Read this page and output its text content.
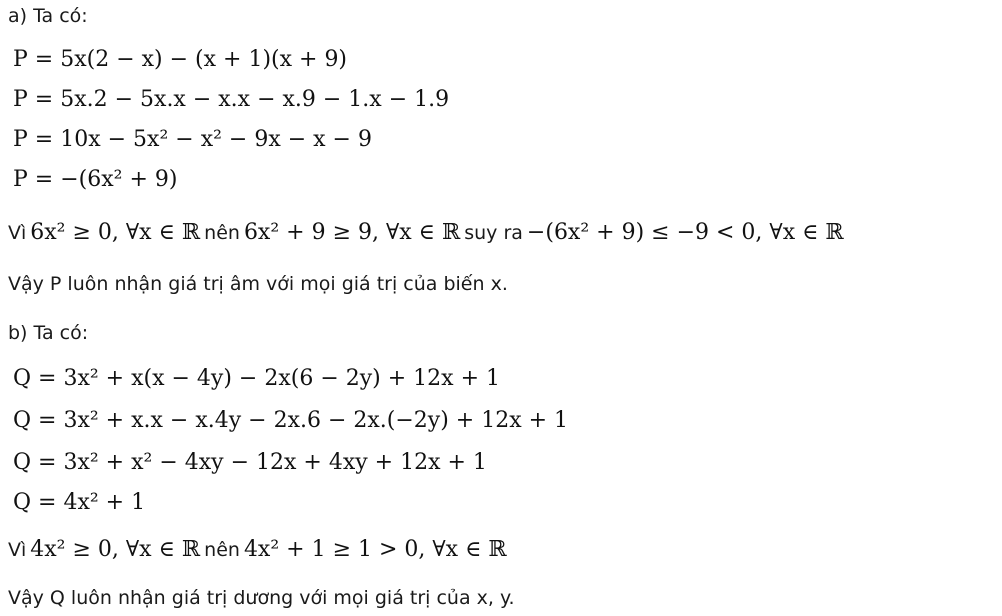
a) Ta có:
P = 5x(2 − x) − (x + 1)(x + 9)
P = 5x.2 − 5x.x − x.x − x.9 − 1.x − 1.9
P = 10x − 5x² − x² − 9x − x − 9
P = −(6x² + 9)
Vì 6x² ≥ 0, ∀x ∈ ℝ nên 6x² + 9 ≥ 9, ∀x ∈ ℝ suy ra −(6x² + 9) ≤ −9 < 0, ∀x ∈ ℝ
Vậy P luôn nhận giá trị âm với mọi giá trị của biến x.
b) Ta có:
Q = 3x² + x(x − 4y) − 2x(6 − 2y) + 12x + 1
Q = 3x² + x.x − x.4y − 2x.6 − 2x.(−2y) + 12x + 1
Q = 3x² + x² − 4xy − 12x + 4xy + 12x + 1
Q = 4x² + 1
Vì 4x² ≥ 0, ∀x ∈ ℝ nên 4x² + 1 ≥ 1 > 0, ∀x ∈ ℝ
Vậy Q luôn nhận giá trị dương với mọi giá trị của x, y.
